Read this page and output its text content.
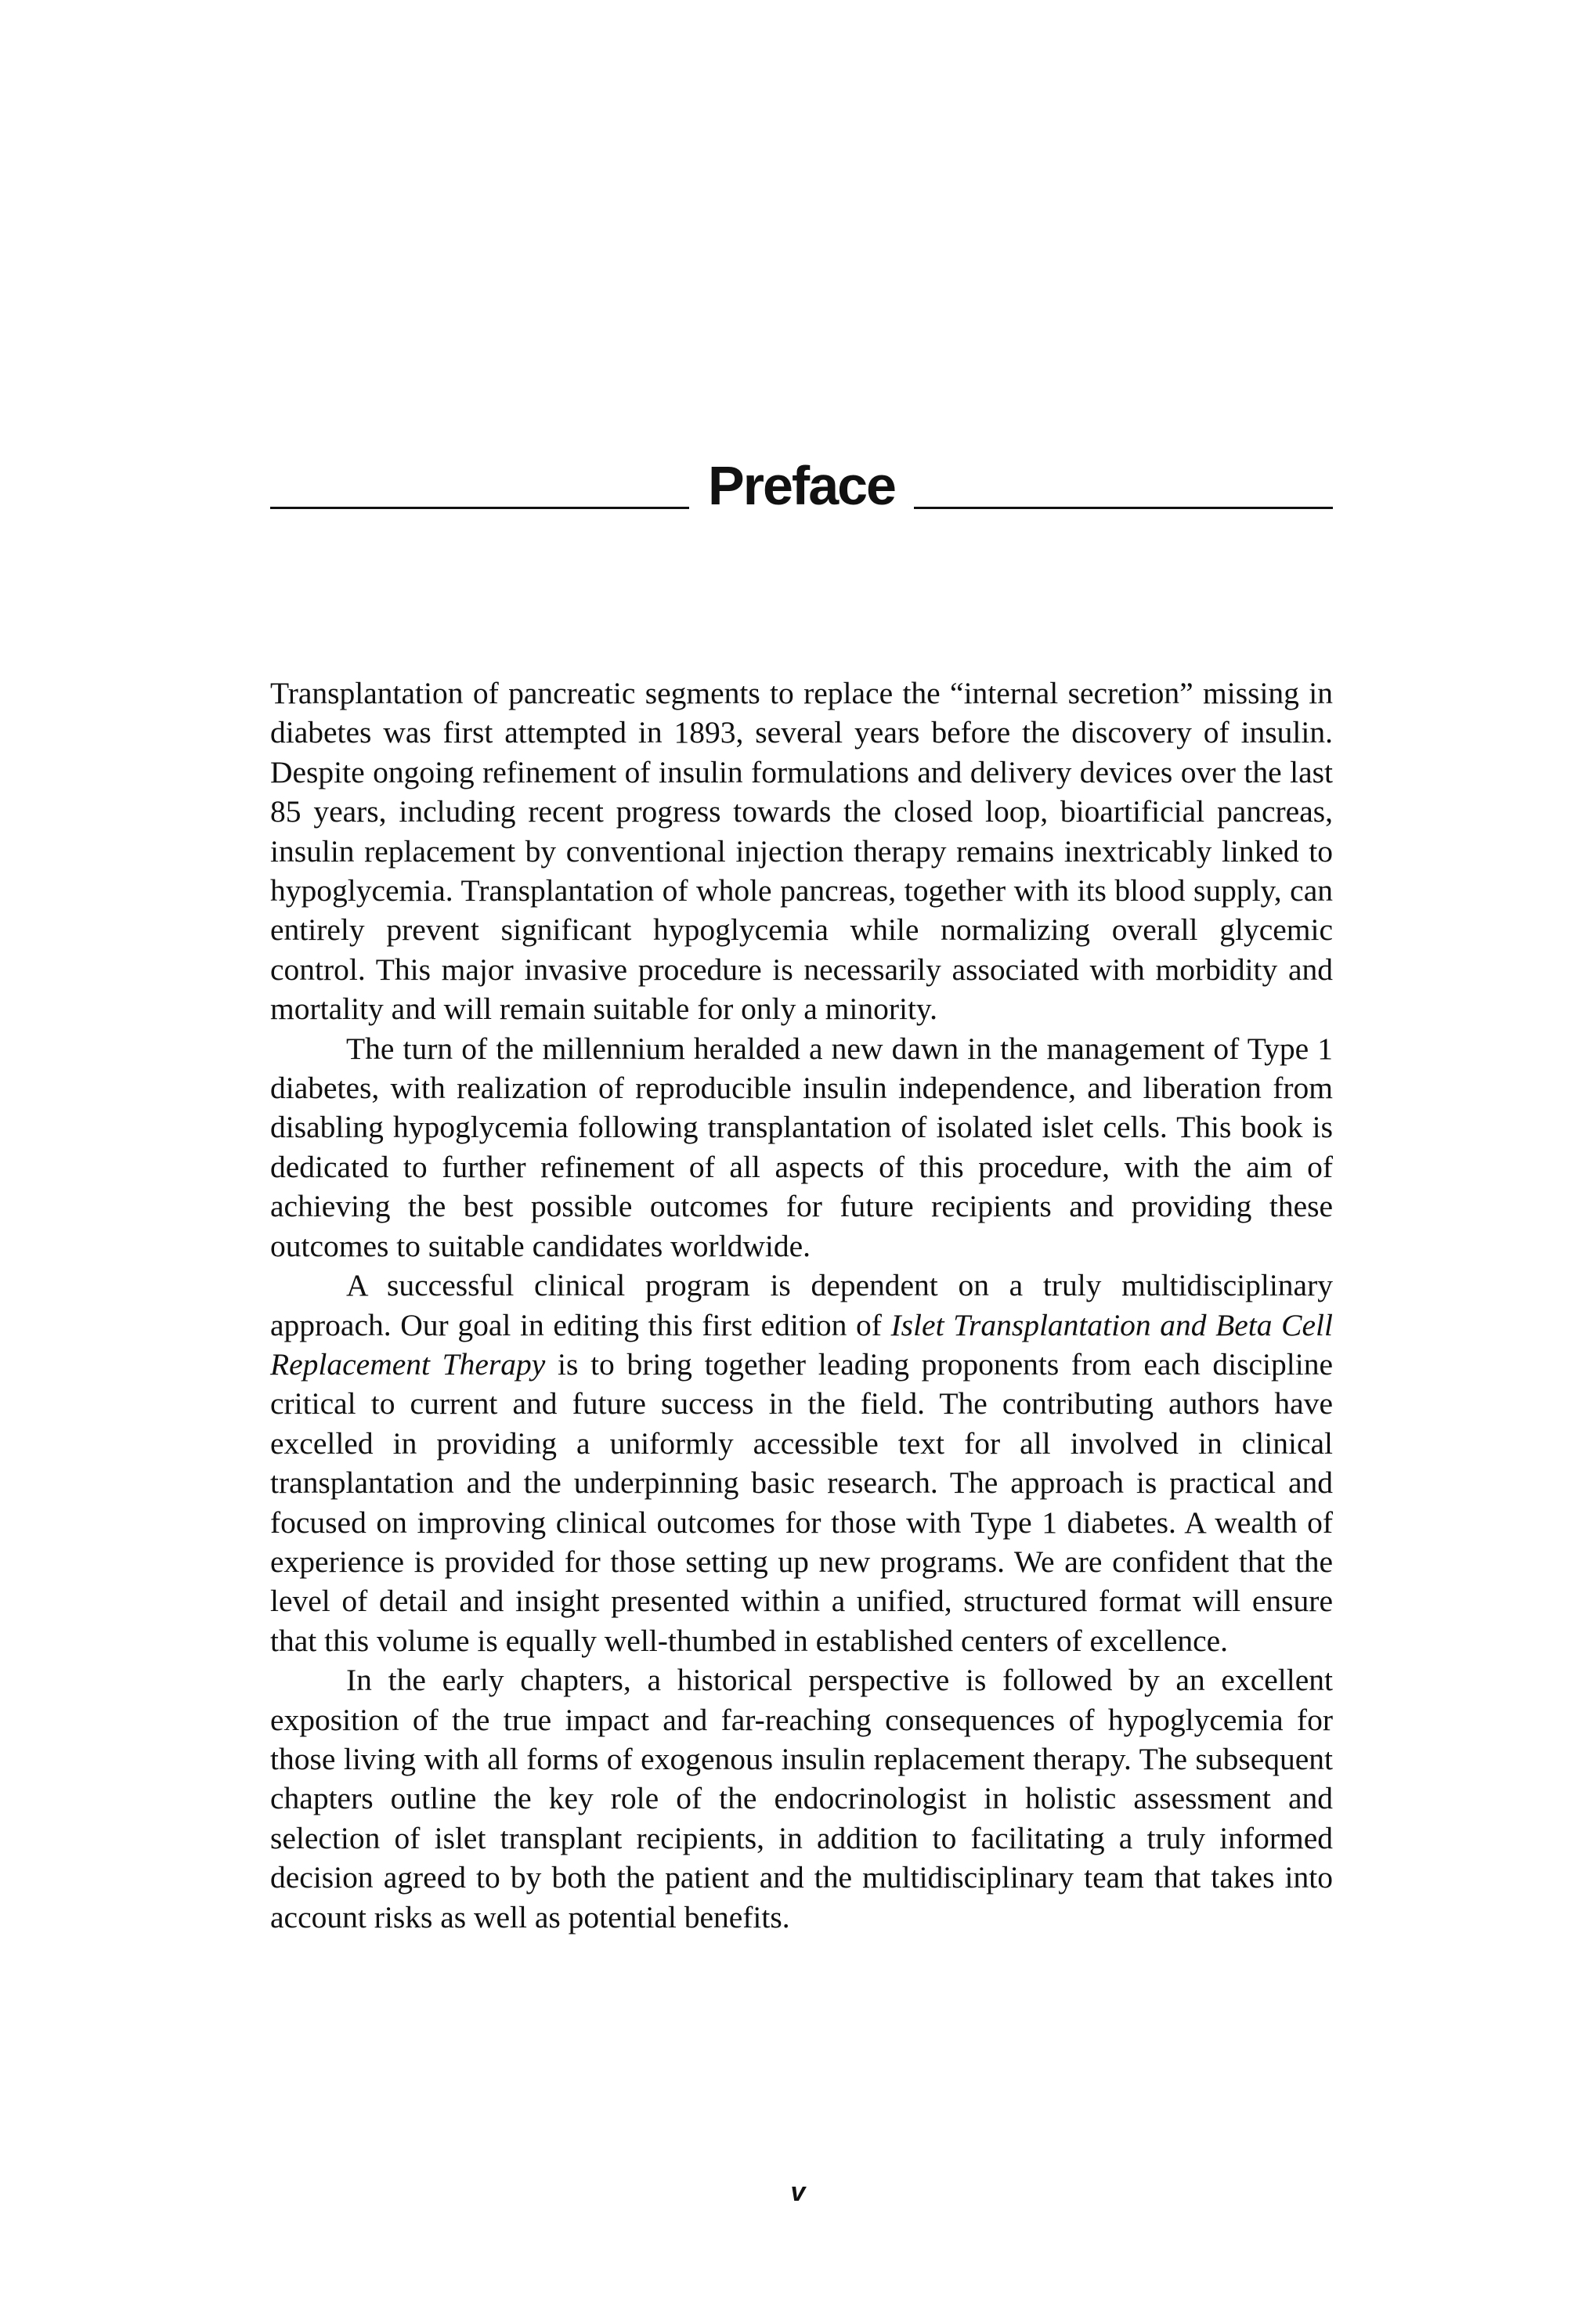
Preface

Transplantation of pancreatic segments to replace the “internal secretion” missing in diabetes was first attempted in 1893, several years before the discovery of insulin. Despite ongoing refinement of insulin formulations and delivery devices over the last 85 years, including recent progress towards the closed loop, bioartificial pancreas, insulin replacement by conventional injection therapy remains inextricably linked to hypoglycemia. Transplantation of whole pancreas, together with its blood supply, can entirely prevent significant hypoglycemia while normalizing overall glycemic control. This major invasive procedure is necessarily associated with morbidity and mortality and will remain suitable for only a minority.

The turn of the millennium heralded a new dawn in the management of Type 1 diabetes, with realization of reproducible insulin independence, and liberation from disabling hypoglycemia following transplantation of isolated islet cells. This book is dedicated to further refinement of all aspects of this procedure, with the aim of achieving the best possible outcomes for future recipients and providing these outcomes to suitable candidates worldwide.

A successful clinical program is dependent on a truly multidisciplinary approach. Our goal in editing this first edition of Islet Transplantation and Beta Cell Replacement Therapy is to bring together leading proponents from each discipline critical to current and future success in the field. The contributing authors have excelled in providing a uniformly accessible text for all involved in clinical transplantation and the underpinning basic research. The approach is practical and focused on improving clinical outcomes for those with Type 1 diabetes. A wealth of experience is provided for those setting up new programs. We are confident that the level of detail and insight presented within a unified, structured format will ensure that this volume is equally well-thumbed in established centers of excellence.

In the early chapters, a historical perspective is followed by an excellent exposition of the true impact and far-reaching consequences of hypoglycemia for those living with all forms of exogenous insulin replacement therapy. The subsequent chapters outline the key role of the endocrinologist in holistic assessment and selection of islet transplant recipients, in addition to facilitating a truly informed decision agreed to by both the patient and the multidisciplinary team that takes into account risks as well as potential benefits.

v
